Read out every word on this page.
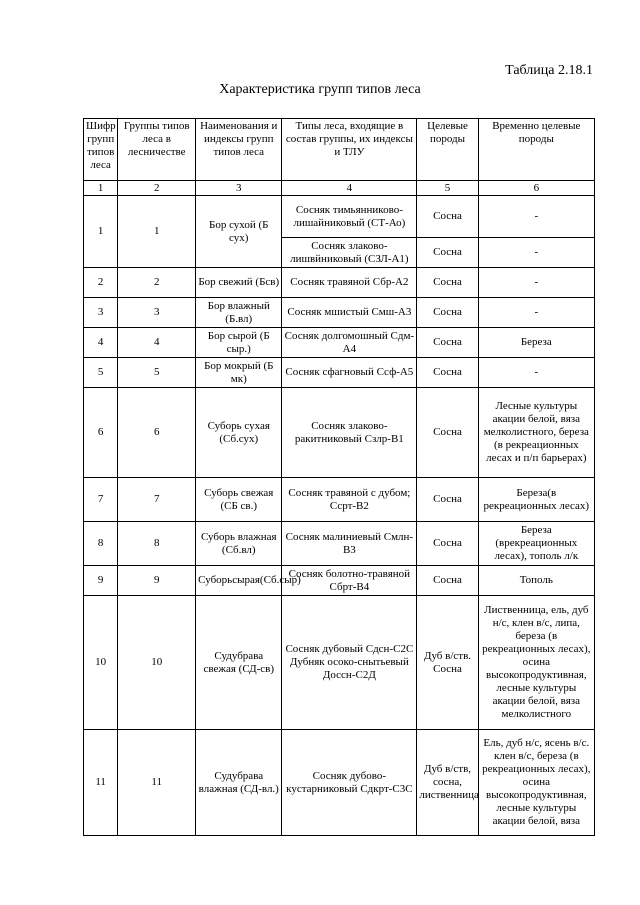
Таблица 2.18.1
Характеристика групп типов леса
Шифр групп типов леса	Группы типов леса в лесничестве	Наименования и индексы групп типов леса	Типы леса, входящие в состав группы, их индексы и ТЛУ	Целевые породы	Временно целевые породы
1	2	3	4	5	6
1	1	Бор сухой (Б сух)	Сосняк тимьянниково-лишайниковый (СТ-Ао)	Сосна	-
			Сосняк злаково-лишвйниковый (СЗЛ-А1)	Сосна	-
2	2	Бор свежий (Бсв)	Сосняк травяной Сбр-А2	Сосна	-
3	3	Бор влажный (Б.вл)	Сосняк мшистый Смш-А3	Сосна	-
4	4	Бор сырой (Б сыр.)	Сосняк долгомошный Сдм-А4	Сосна	Береза
5	5	Бор мокрый (Б мк)	Сосняк сфагновый Ссф-А5	Сосна	-
6	6	Суборь сухая (Сб.сух)	Сосняк злаково-ракитниковый Сзлр-В1	Сосна	Лесные культуры акации белой, вяза мелколистного, береза (в рекреационных лесах и п/п барьерах)
7	7	Суборь свежая (СБ св.)	Сосняк травяной с дубом; Ссрт-В2	Сосна	Береза(в рекреационных лесах)
8	8	Суборь влажная (Сб.вл)	Сосняк малиниевый Смлн-В3	Сосна	Береза (врекреационных лесах), тополь л/к
9	9	Суборьсырая(Сб.сыр)	Сосняк болотно-травяной Сбрт-В4	Сосна	Тополь
10	10	Судубрава свежая (СД-св)	Сосняк дубовый Сдсн-С2С Дубняк осоко-снытьевый Доссн-С2Д	Дуб в/ств. Сосна	Лиственница, ель, дуб н/с, клен в/с, липа, береза (в рекреационных лесах), осина высокопродуктивная, лесные культуры акации белой, вяза мелколистного
11	11	Судубрава влажная (СД-вл.)	Сосняк дубово-кустарниковый Сдкрт-С3С	Дуб в/ств, сосна, лиственница	Ель, дуб н/с, ясень в/с. клен в/с, береза (в рекреационных лесах), осина высокопродуктивная, лесные культуры акации белой, вяза
